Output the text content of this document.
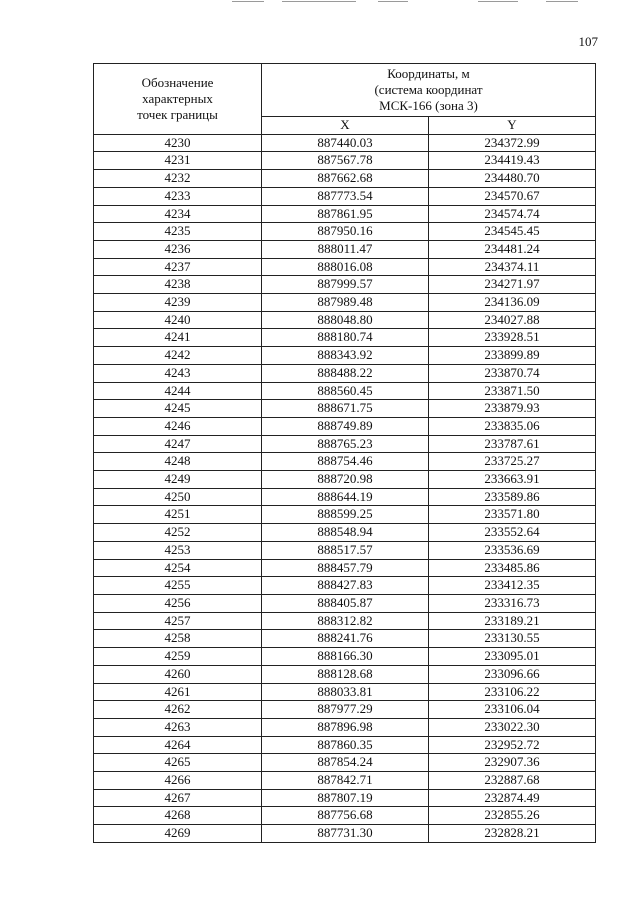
107
Обозначение
характерных
точек границы	Координаты, м
(система координат
МСК-166 (зона 3)	

	X	Y
4230	887440.03	234372.99
4231	887567.78	234419.43
4232	887662.68	234480.70
4233	887773.54	234570.67
4234	887861.95	234574.74
4235	887950.16	234545.45
4236	888011.47	234481.24
4237	888016.08	234374.11
4238	887999.57	234271.97
4239	887989.48	234136.09
4240	888048.80	234027.88
4241	888180.74	233928.51
4242	888343.92	233899.89
4243	888488.22	233870.74
4244	888560.45	233871.50
4245	888671.75	233879.93
4246	888749.89	233835.06
4247	888765.23	233787.61
4248	888754.46	233725.27
4249	888720.98	233663.91
4250	888644.19	233589.86
4251	888599.25	233571.80
4252	888548.94	233552.64
4253	888517.57	233536.69
4254	888457.79	233485.86
4255	888427.83	233412.35
4256	888405.87	233316.73
4257	888312.82	233189.21
4258	888241.76	233130.55
4259	888166.30	233095.01
4260	888128.68	233096.66
4261	888033.81	233106.22
4262	887977.29	233106.04
4263	887896.98	233022.30
4264	887860.35	232952.72
4265	887854.24	232907.36
4266	887842.71	232887.68
4267	887807.19	232874.49
4268	887756.68	232855.26
4269	887731.30	232828.21
